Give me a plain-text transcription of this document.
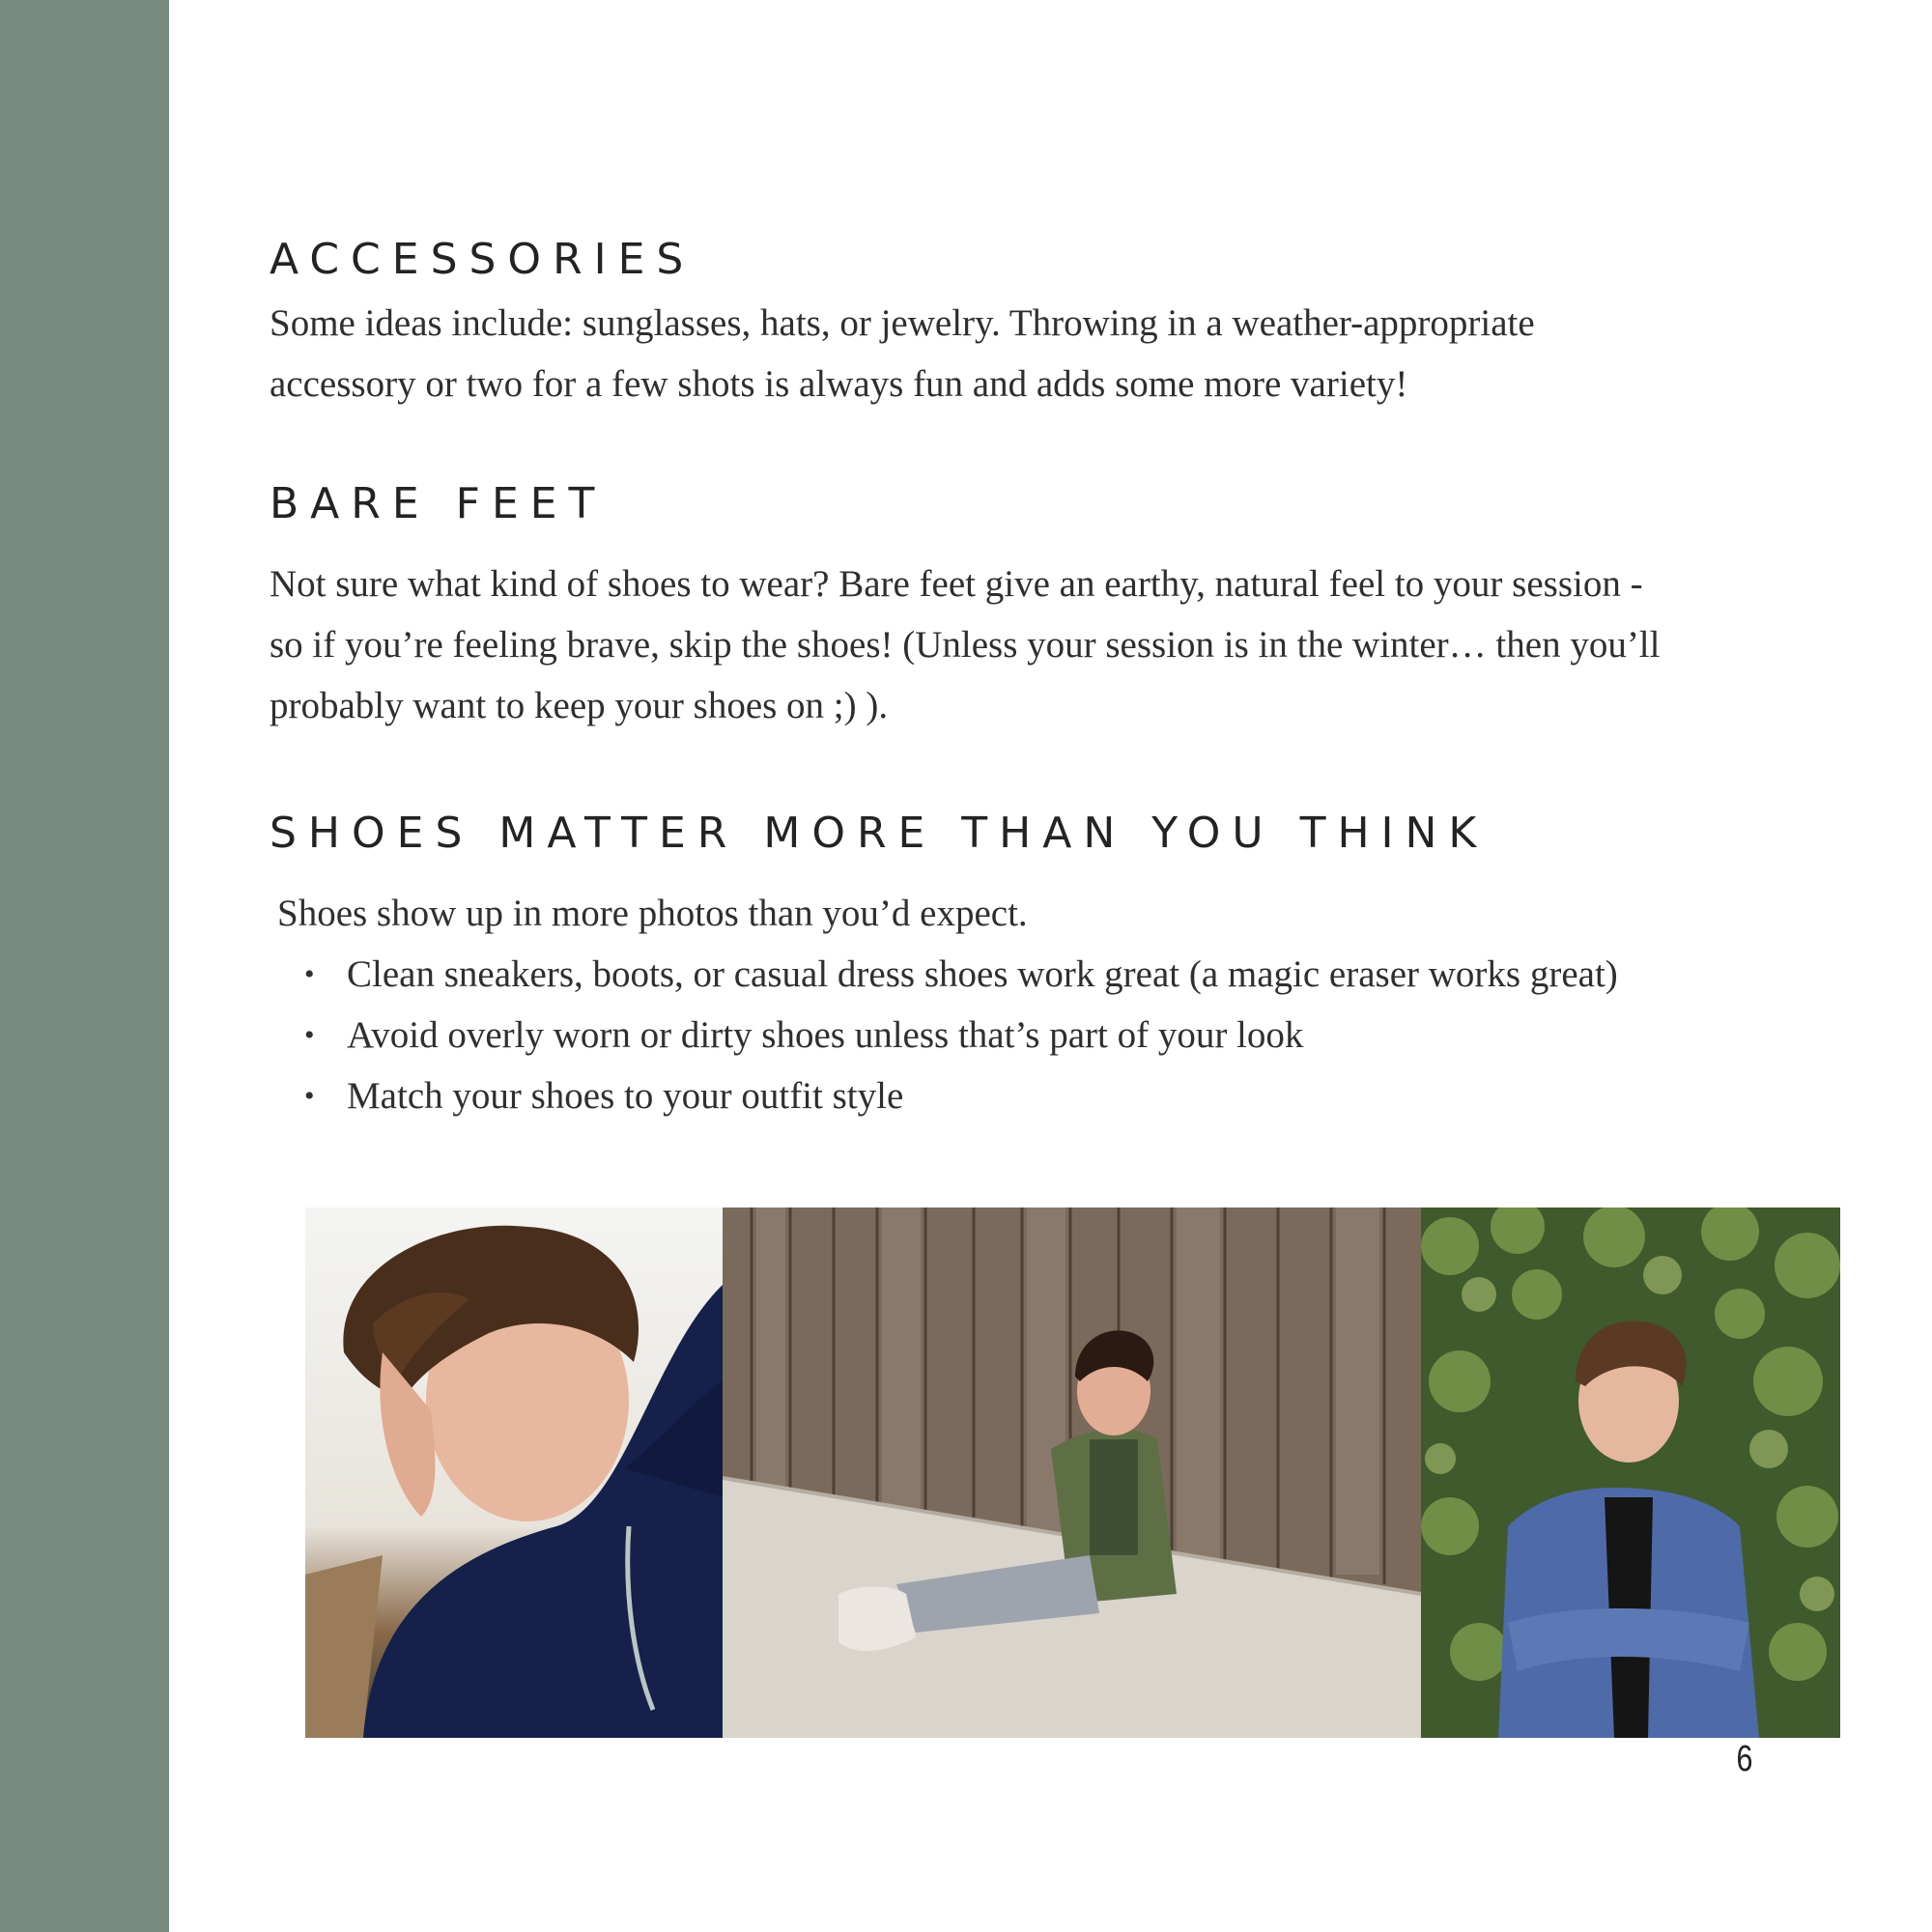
ACCESSORIES
Some ideas include: sunglasses, hats, or jewelry. Throwing in a weather-appropriate
accessory or two for a few shots is always fun and adds some more variety!
BARE FEET
Not sure what kind of shoes to wear? Bare feet give an earthy, natural feel to your session -
so if you’re feeling brave, skip the shoes! (Unless your session is in the winter… then you’ll
probably want to keep your shoes on ;) ).
SHOES MATTER MORE THAN YOU THINK
Shoes show up in more photos than you’d expect.
• Clean sneakers, boots, or casual dress shoes work great (a magic eraser works great)
• Avoid overly worn or dirty shoes unless that’s part of your look
• Match your shoes to your outfit style
6
